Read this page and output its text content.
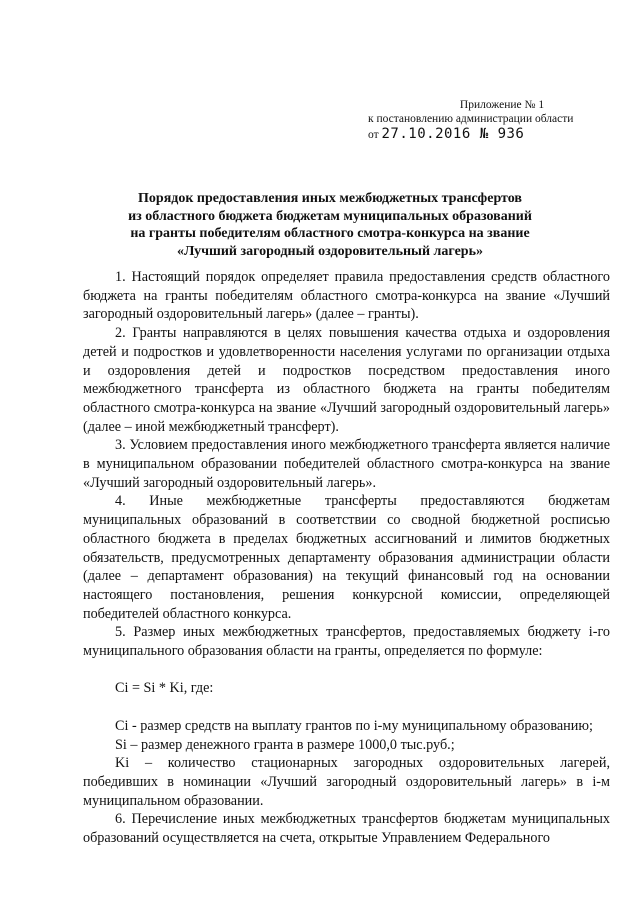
Приложение № 1
к постановлению администрации области
от 27.10.2016 № 936
Порядок предоставления иных межбюджетных трансфертов
из областного бюджета бюджетам муниципальных образований
на гранты победителям областного смотра-конкурса на звание
«Лучший загородный оздоровительный лагерь»

1. Настоящий порядок определяет правила предоставления средств областного бюджета на гранты победителям областного смотра-конкурса на звание «Лучший загородный оздоровительный лагерь» (далее – гранты).

2. Гранты направляются в целях повышения качества отдыха и оздоровления детей и подростков и удовлетворенности населения услугами по организации отдыха и оздоровления детей и подростков посредством предоставления иного межбюджетного трансферта из областного бюджета на гранты победителям областного смотра-конкурса на звание «Лучший загородный оздоровительный лагерь» (далее – иной межбюджетный трансферт).

3. Условием предоставления иного межбюджетного трансферта является наличие в муниципальном образовании победителей областного смотра-конкурса на звание «Лучший загородный оздоровительный лагерь».

4. Иные межбюджетные трансферты предоставляются бюджетам муниципальных образований в соответствии со сводной бюджетной росписью областного бюджета в пределах бюджетных ассигнований и лимитов бюджетных обязательств, предусмотренных департаменту образования администрации области (далее – департамент образования) на текущий финансовый год на основании настоящего постановления, решения конкурсной комиссии, определяющей победителей областного конкурса.

5. Размер иных межбюджетных трансфертов, предоставляемых бюджету i-го муниципального образования области на гранты, определяется по формуле:

Ci = Si * Ki, где:

Ci - размер средств на выплату грантов по i-му муниципальному образованию;

Si – размер денежного гранта в размере 1000,0 тыс.руб.;

Ki – количество стационарных загородных оздоровительных лагерей, победивших в номинации «Лучший загородный оздоровительный лагерь» в i-м муниципальном образовании.

6. Перечисление иных межбюджетных трансфертов бюджетам муниципальных образований осуществляется на счета, открытые Управлением Федерального
